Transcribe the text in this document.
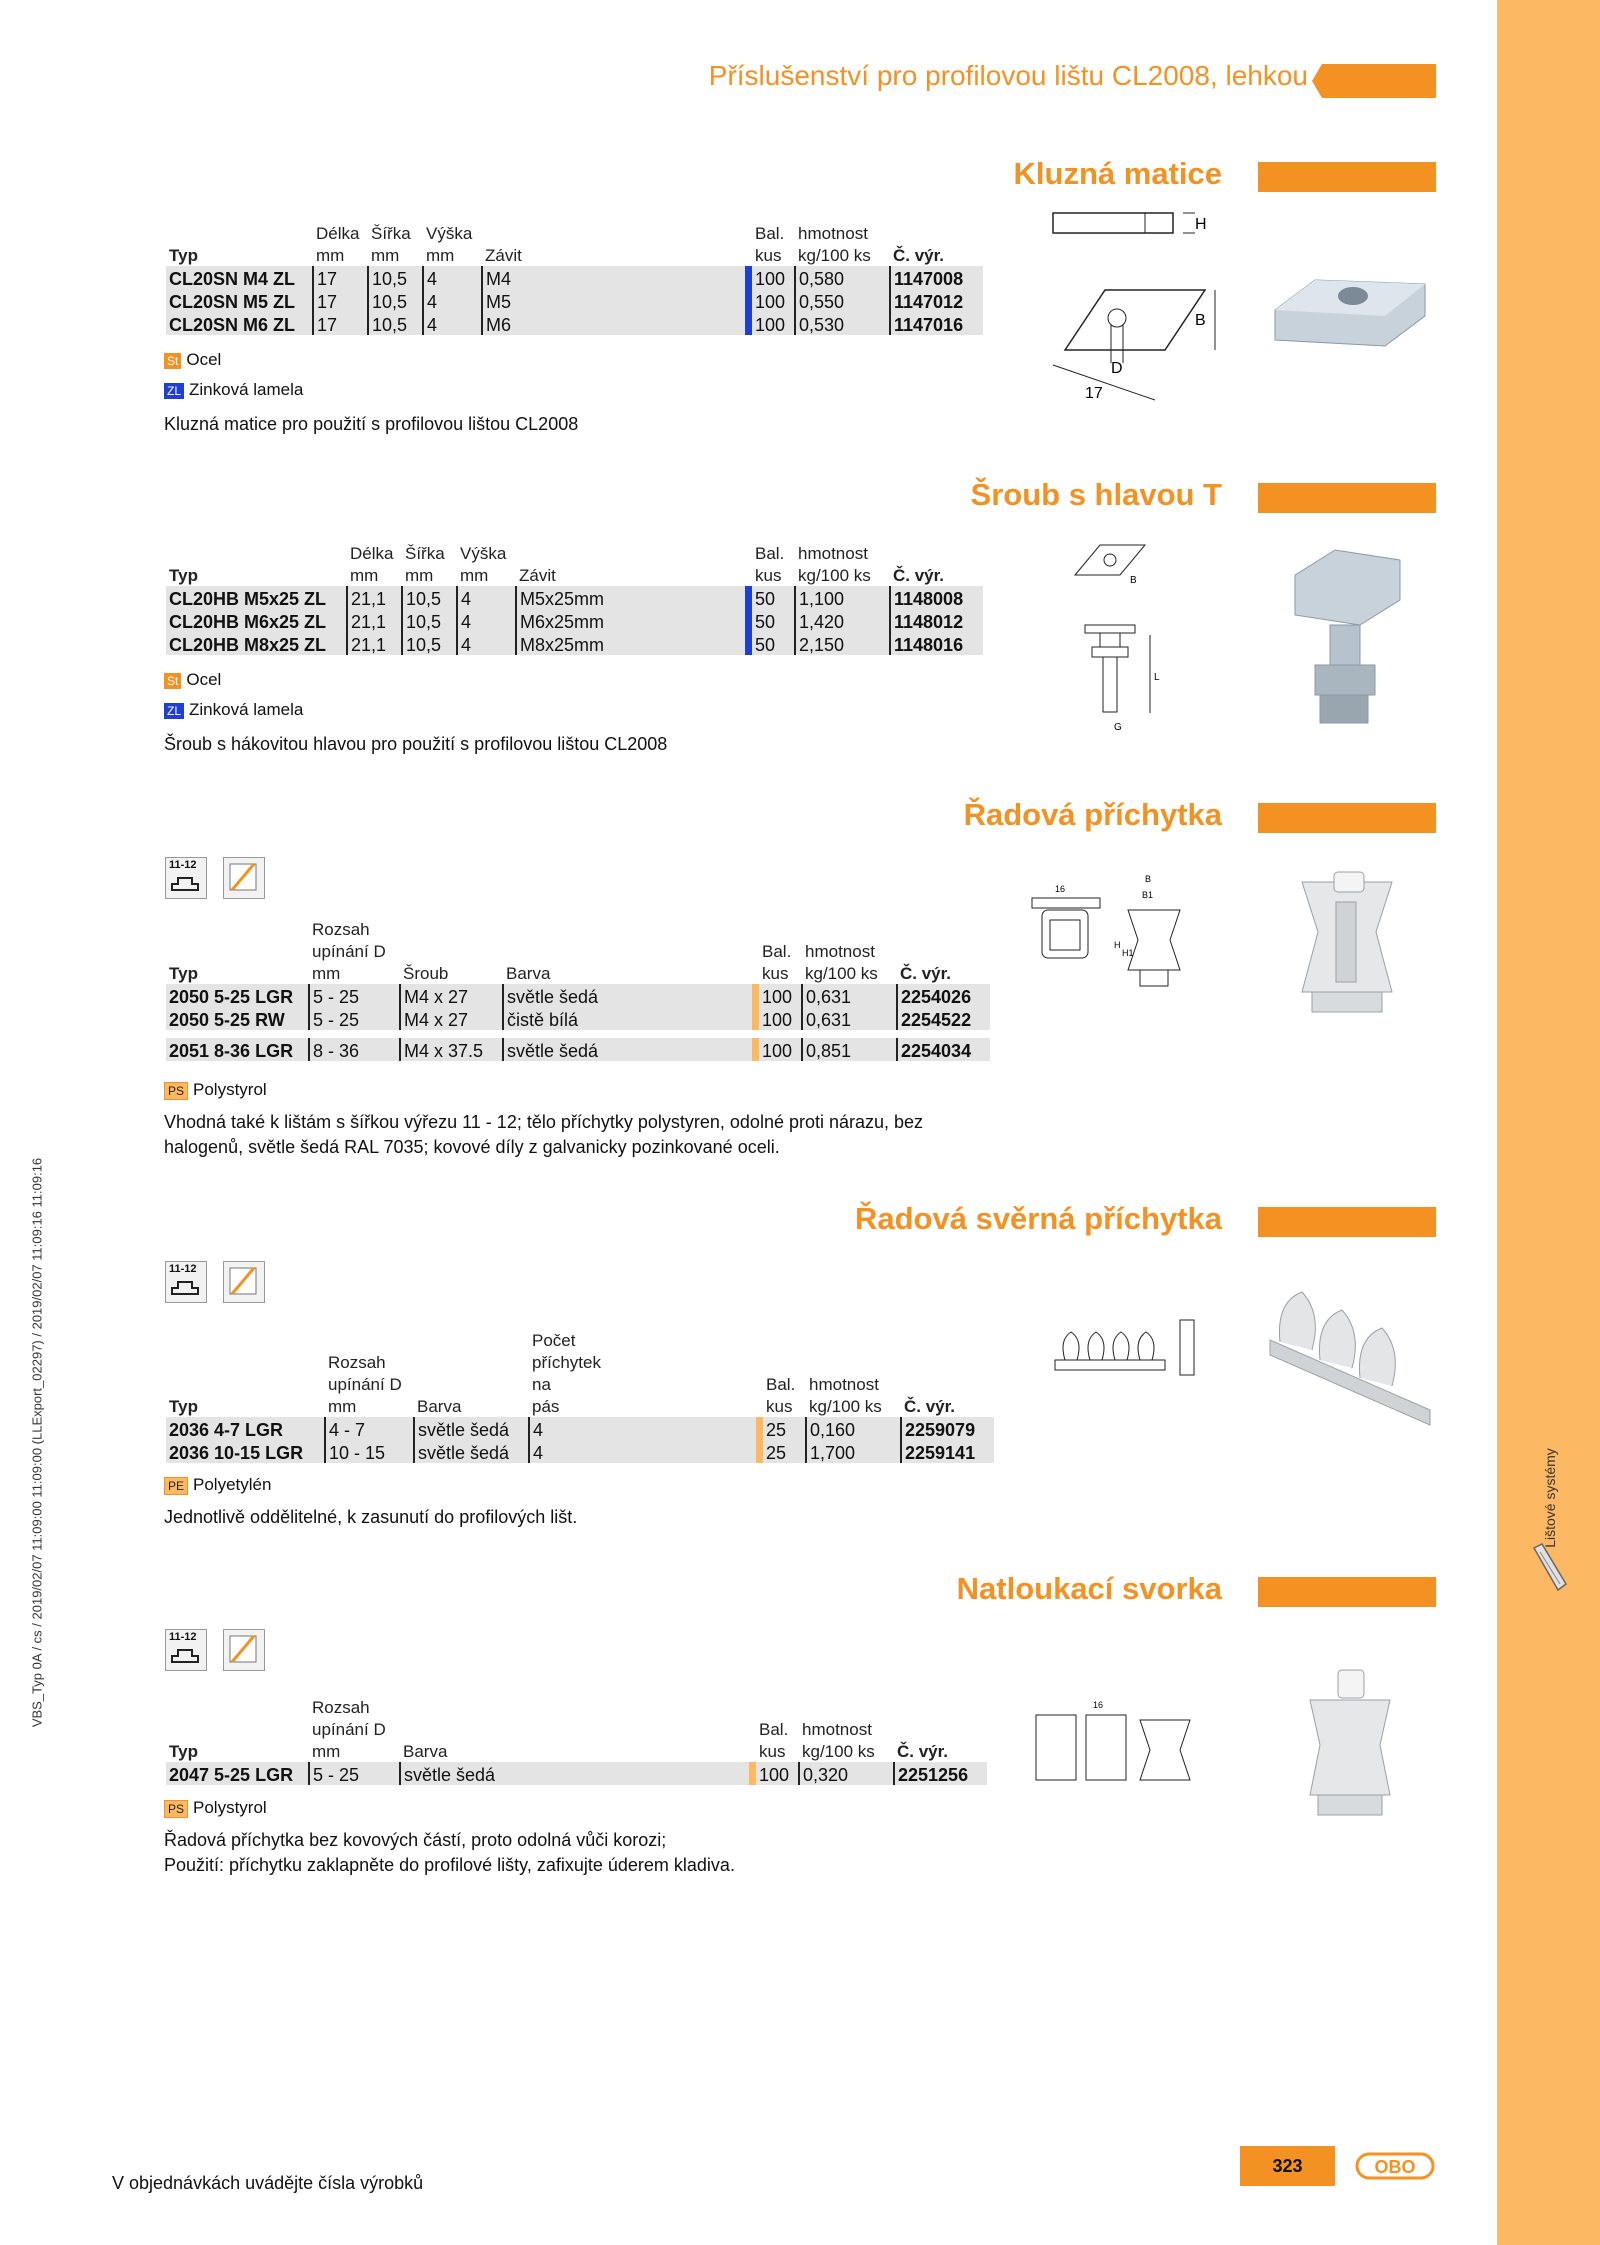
Lištové systémy
VBS_Typ 0A / cs / 2019/02/07 11:09:00 11:09:00 (LLExport_02297) / 2019/02/07 11:09:16 11:09:16
Příslušenství pro profilovou lištu CL2008, lehkou
Kluzná matice
	Délka	Šířka	Výška			Bal.	hmotnost	
Typ	mm	mm	mm	Závit		kus	kg/100 ks	Č. výr.
CL20SN M4 ZL	17	10,5	4	M4		100	0,580	1147008
CL20SN M5 ZL	17	10,5	4	M5		100	0,550	1147012
CL20SN M6 ZL	17	10,5	4	M6		100	0,530	1147016
St Ocel
ZL Zinková lamela
Kluzná matice pro použití s profilovou lištou CL2008
H
D
B
17
Šroub s hlavou T
	Délka	Šířka	Výška			Bal.	hmotnost	
Typ	mm	mm	mm	Závit		kus	kg/100 ks	Č. výr.
CL20HB M5x25 ZL	21,1	10,5	4	M5x25mm		50	1,100	1148008
CL20HB M6x25 ZL	21,1	10,5	4	M6x25mm		50	1,420	1148012
CL20HB M8x25 ZL	21,1	10,5	4	M8x25mm		50	2,150	1148016
St Ocel
ZL Zinková lamela
Šroub s hákovitou hlavou pro použití s profilovou lištou CL2008
B
L
G
Řadová příchytka
11-12
	Rozsah						
	upínání D				Bal.	hmotnost	
Typ	mm	Šroub	Barva		kus	kg/100 ks	Č. výr.
2050 5-25 LGR	5 - 25	M4 x 27	světle šedá		100	0,631	2254026
2050 5-25 RW	5 - 25	M4 x 27	čistě bílá		100	0,631	2254522

2051 8-36 LGR	8 - 36	M4 x 37.5	světle šedá		100	0,851	2254034
PS Polystyrol
Vhodná také k lištám s šířkou výřezu 11 - 12; tělo příchytky polystyren, odolné proti nárazu, bez
halogenů, světle šedá RAL 7035; kovové díly z galvanicky pozinkované oceli.
16
B
B1
H
H1
Řadová svěrná příchytka
11-12
			Počet				
	Rozsah		příchytek				
	upínání D		na		Bal.	hmotnost	
Typ	mm	Barva	pás		kus	kg/100 ks	Č. výr.
2036 4-7 LGR	4 - 7	světle šedá	4		25	0,160	2259079
2036 10-15 LGR	10 - 15	světle šedá	4		25	1,700	2259141
PE Polyetylén
Jednotlivě oddělitelné, k zasunutí do profilových lišt.
Natloukací svorka
11-12
	Rozsah					
	upínání D			Bal.	hmotnost	
Typ	mm	Barva		kus	kg/100 ks	Č. výr.
2047 5-25 LGR	5 - 25	světle šedá		100	0,320	2251256
PS Polystyrol
Řadová příchytka bez kovových částí, proto odolná vůči korozi;
Použití: příchytku zaklapněte do profilové lišty, zafixujte úderem kladiva.
16
V objednávkách uvádějte čísla výrobků
323	OBO
